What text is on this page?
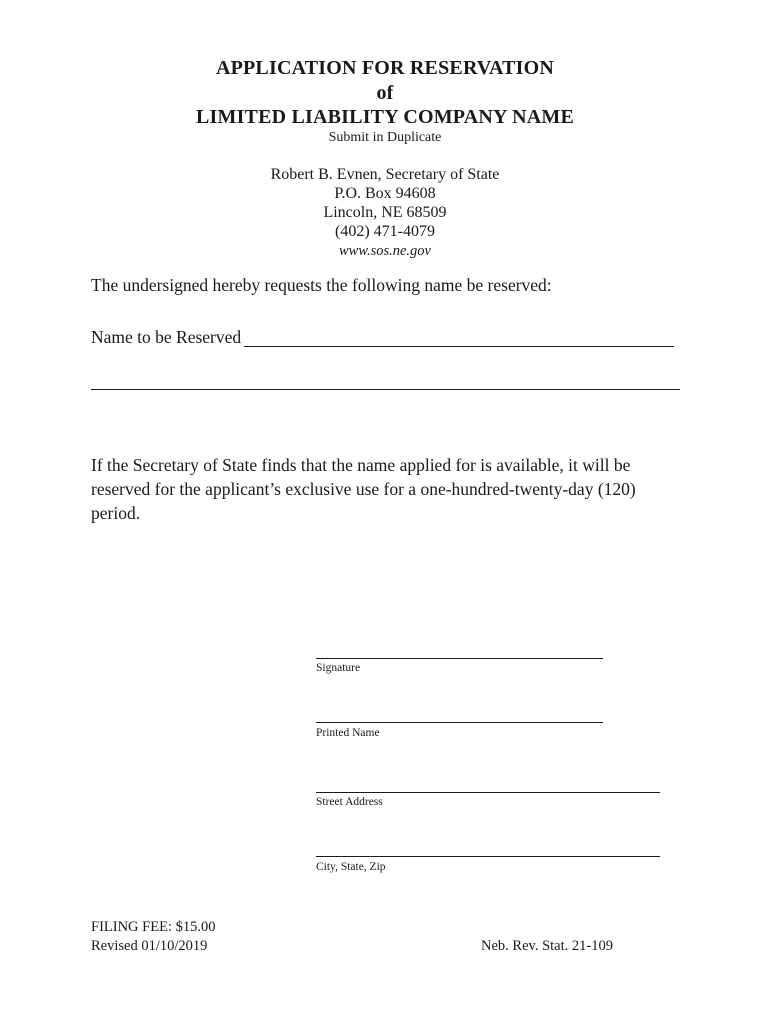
APPLICATION FOR RESERVATION
of
LIMITED LIABILITY COMPANY NAME
Submit in Duplicate
Robert B. Evnen, Secretary of State
P.O. Box 94608
Lincoln, NE 68509
(402) 471-4079
www.sos.ne.gov
The undersigned hereby requests the following name be reserved:
Name to be Reserved
If the Secretary of State finds that the name applied for is available, it will be reserved for the applicant’s exclusive use for a one-hundred-twenty-day (120) period.
Signature
Printed Name
Street Address
City, State, Zip
FILING FEE: $15.00
Revised 01/10/2019	Neb. Rev. Stat. 21-109
